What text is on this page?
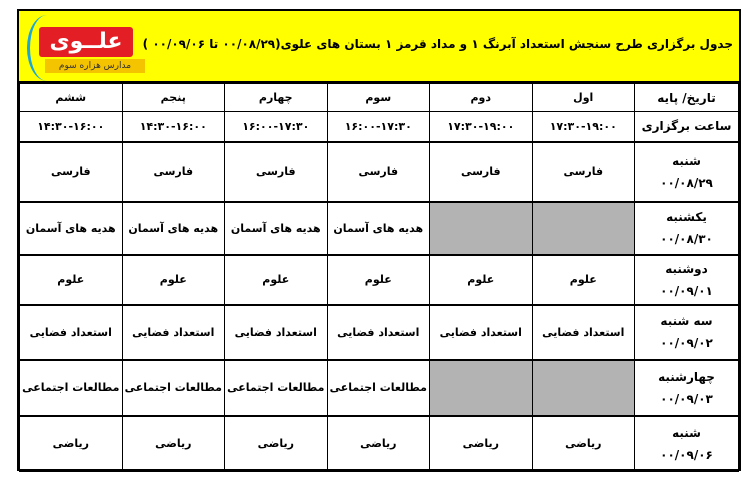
علــوی
مدارس هزاره سوم
جدول برگزاری طرح سنجش استعداد آبرنگ ۱ و مداد قرمز ۱ بستان های علوی(۰۰/۰۸/۲۹ تا ۰۰/۰۹/۰۶ )
تاریخ/ پایه	اول	دوم	سوم	چهارم	پنجم	ششم
ساعت برگزاری	۱۷:۳۰-۱۹:۰۰	۱۷:۳۰-۱۹:۰۰	۱۶:۰۰-۱۷:۳۰	۱۶:۰۰-۱۷:۳۰	۱۴:۳۰-۱۶:۰۰	۱۴:۳۰-۱۶:۰۰

شنبه
۰۰/۰۸/۲۹	فارسی	فارسی	فارسی	فارسی	فارسی	فارسی

یکشنبه
۰۰/۰۸/۳۰			هدیه های آسمان	هدیه های آسمان	هدیه های آسمان	هدیه های آسمان

دوشنبه
۰۰/۰۹/۰۱	علوم	علوم	علوم	علوم	علوم	علوم

سه شنبه
۰۰/۰۹/۰۲	استعداد فضایی	استعداد فضایی	استعداد فضایی	استعداد فضایی	استعداد فضایی	استعداد فضایی

چهارشنبه
۰۰/۰۹/۰۳			مطالعات اجتماعی	مطالعات اجتماعی	مطالعات اجتماعی	مطالعات اجتماعی

شنبه
۰۰/۰۹/۰۶	ریاضی	ریاضی	ریاضی	ریاضی	ریاضی	ریاضی
